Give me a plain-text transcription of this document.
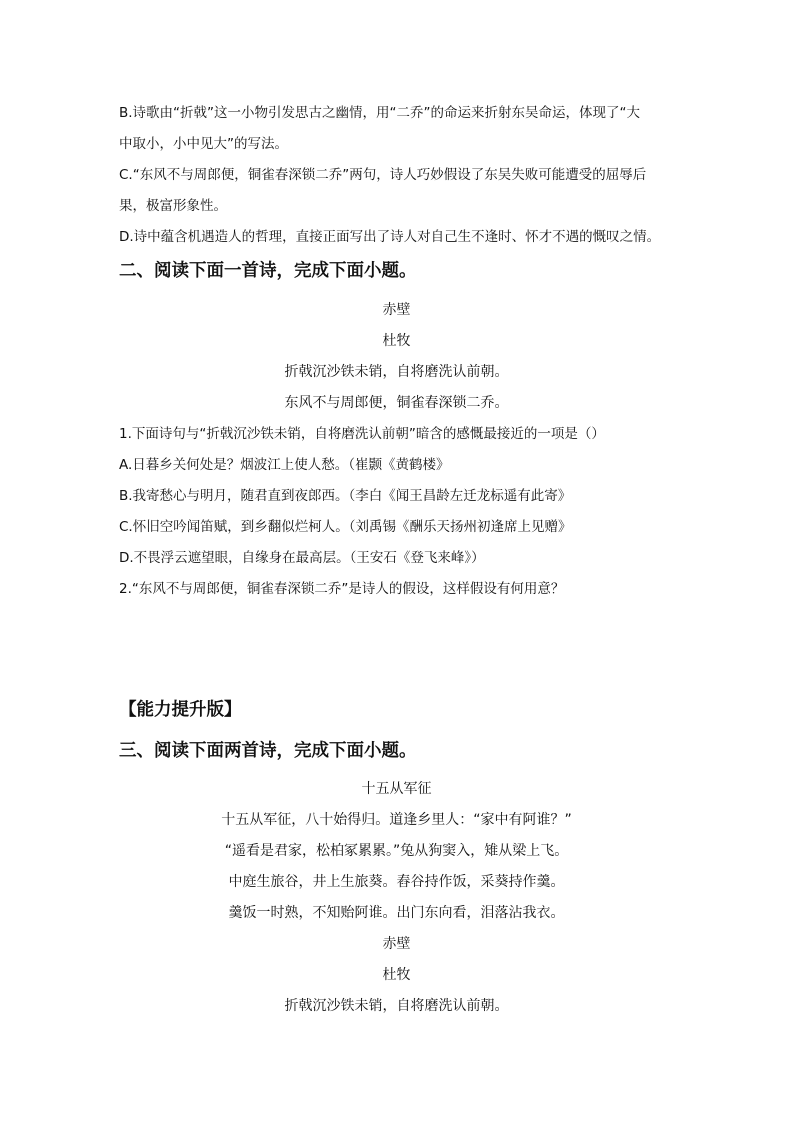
B.诗歌由“折戟”这一小物引发思古之幽情，用“二乔”的命运来折射东吴命运，体现了“大
中取小，小中见大”的写法。
C.“东风不与周郎便，铜雀春深锁二乔”两句，诗人巧妙假设了东吴失败可能遭受的屈辱后
果，极富形象性。
D.诗中蕴含机遇造人的哲理，直接正面写出了诗人对自己生不逢时、怀才不遇的慨叹之情。
二、阅读下面一首诗，完成下面小题。
赤壁
杜牧
折戟沉沙铁未销，自将磨洗认前朝。
东风不与周郎便，铜雀春深锁二乔。
1.下面诗句与“折戟沉沙铁未销，自将磨洗认前朝”暗含的感慨最接近的一项是（）
A.日暮乡关何处是？烟波江上使人愁。（崔颢《黄鹤楼》
B.我寄愁心与明月，随君直到夜郎西。（李白《闻王昌龄左迁龙标遥有此寄》
C.怀旧空吟闻笛赋，到乡翻似烂柯人。（刘禹锡《酬乐天扬州初逢席上见赠》
D.不畏浮云遮望眼，自缘身在最高层。（王安石《登飞来峰》）
2.“东风不与周郎便，铜雀春深锁二乔”是诗人的假设，这样假设有何用意？
【能力提升版】
三、阅读下面两首诗，完成下面小题。
十五从军征
十五从军征，八十始得归。道逢乡里人：“家中有阿谁？”
“遥看是君家，松柏冢累累。”兔从狗窦入，雉从梁上飞。
中庭生旅谷，井上生旅葵。舂谷持作饭，采葵持作羹。
羹饭一时熟，不知贻阿谁。出门东向看，泪落沾我衣。
赤壁
杜牧
折戟沉沙铁未销，自将磨洗认前朝。
